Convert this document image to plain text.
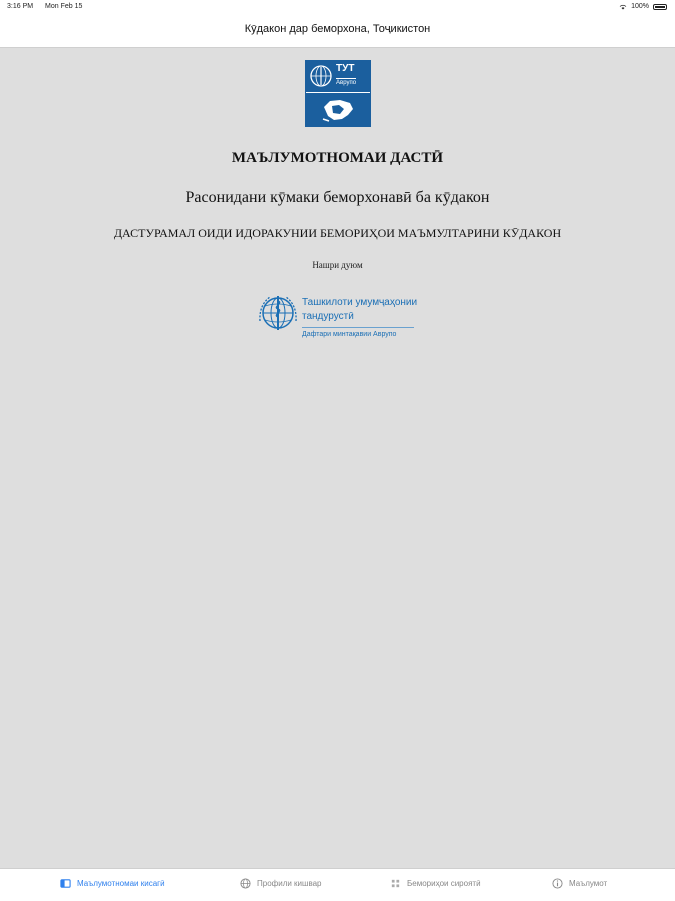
3:16 PM Mon Feb 15	100%
Кӯдакон дар беморхона, Тоҷикистон
ТУТ
Аврупо
МАЪЛУМОТНОМАИ ДАСТӢ
Расонидани кӯмаки беморхонавӣ ба кӯдакон
ДАСТУРАМАЛ ОИДИ ИДОРАКУНИИ БЕМОРИҲОИ МАЪМУЛТАРИНИ КӮДАКОН
Нашри дуюм
Ташкилоти умумҷаҳонии
тандурустӣ
Дафтари минтақавии Аврупо
Маълумотномаи кисагӣ	Профили кишвар	Бемориҳои сироятӣ	Маълумот
